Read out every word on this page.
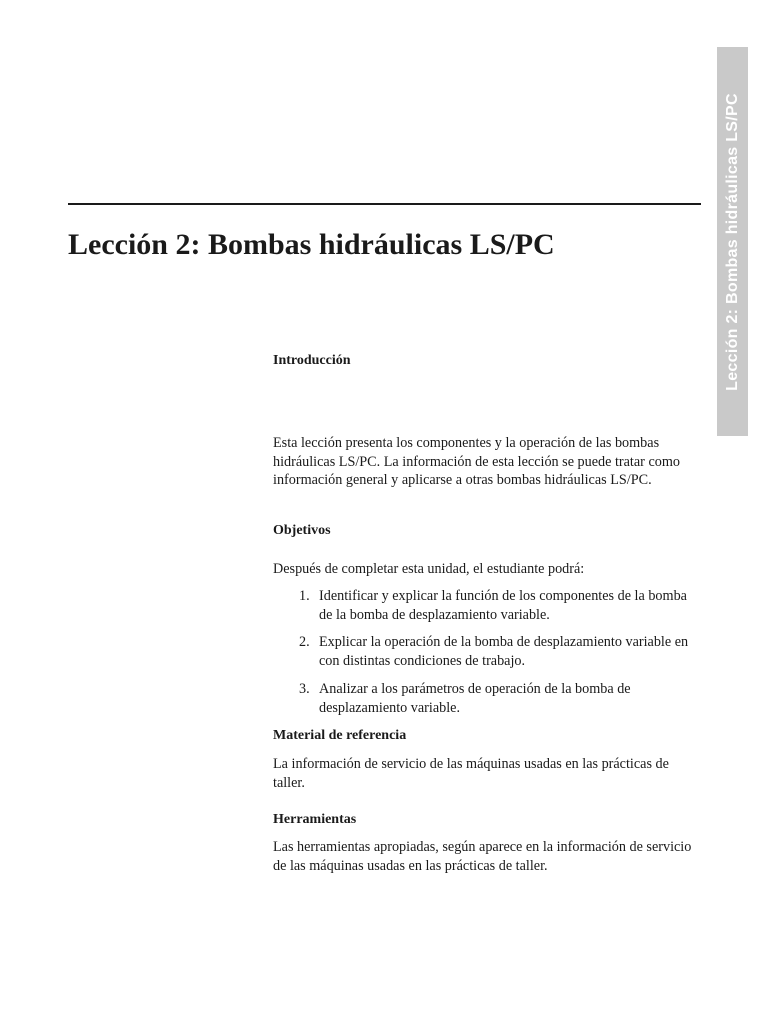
Lección 2: Bombas hidráulicas LS/PC
Lección 2: Bombas hidráulicas LS/PC

Introducción

Esta lección presenta los componentes y la operación de las bombas hidráulicas LS/PC. La información de esta lección se puede tratar como información general y aplicarse a otras bombas hidráulicas LS/PC.

Objetivos

Después de completar esta unidad, el estudiante podrá:

1. Identificar y explicar la función de los componentes de la bomba de la bomba de desplazamiento variable.
2. Explicar la operación de la bomba de desplazamiento variable en con distintas condiciones de trabajo.
3. Analizar a los parámetros de operación de la bomba de desplazamiento variable.

Material de referencia

La información de servicio de las máquinas usadas en las prácticas de taller.

Herramientas

Las herramientas apropiadas, según aparece en la información de servicio de las máquinas usadas en las prácticas de taller.
